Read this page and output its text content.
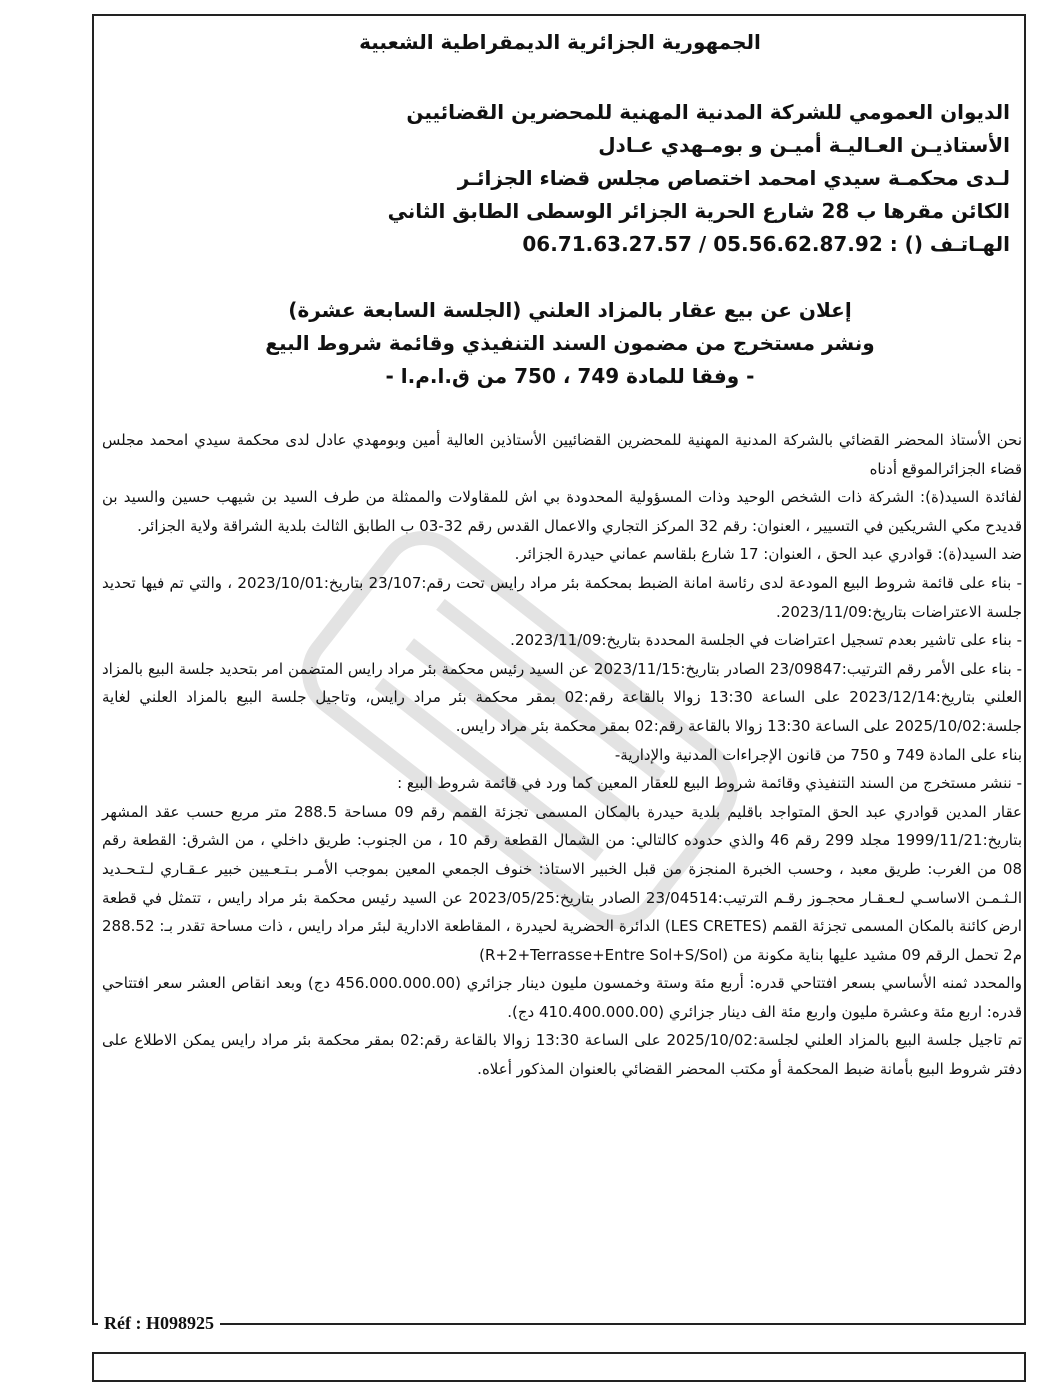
الجمهورية الجزائرية الديمقراطية الشعبية
الديوان العمومي للشركة المدنية المهنية للمحضرين القضائيين
الأستاذيـن العـاليـة أميـن و بومـهدي عـادل
لـدى محكمـة سيدي امحمد اختصاص مجلس قضاء الجزائـر
الكائن مقرها ب 28 شارع الحرية الجزائر الوسطى الطابق الثاني
الهـاتـف () : 05.56.62.87.92 / 06.71.63.27.57
إعلان عن بيع عقار بالمزاد العلني (الجلسة السابعة عشرة)
ونشر مستخرج من مضمون السند التنفيذي وقائمة شروط البيع
- وفقا للمادة 749 ، 750 من ق.ا.م.ا -

نحن الأستاذ المحضر القضائي بالشركة المدنية المهنية للمحضرين القضائيين الأستاذين العالية أمين وبومهدي عادل لدى محكمة سيدي امحمد مجلس قضاء الجزائرالموقع أدناه

لفائدة السيد(ة): الشركة ذات الشخص الوحيد وذات المسؤولية المحدودة بي اش للمقاولات والممثلة من طرف السيد بن شيهب حسين والسيد بن قديدح مكي الشريكين في التسيير ، العنوان: رقم 32 المركز التجاري والاعمال القدس رقم 32-03 ب الطابق الثالث بلدية الشراقة ولاية الجزائر.

ضد السيد(ة): قوادري عبد الحق ، العنوان: 17 شارع بلقاسم عماني حيدرة الجزائر.

- بناء على قائمة شروط البيع المودعة لدى رئاسة امانة الضبط بمحكمة بئر مراد رايس تحت رقم:23/107 بتاريخ:2023/10/01 ، والتي تم فيها تحديد جلسة الاعتراضات بتاريخ:2023/11/09.

- بناء على تاشير بعدم تسجيل اعتراضات في الجلسة المحددة بتاريخ:2023/11/09.

- بناء على الأمر رقم الترتيب:23/09847 الصادر بتاريخ:2023/11/15 عن السيد رئيس محكمة بئر مراد رايس المتضمن امر بتحديد جلسة البيع بالمزاد العلني بتاريخ:2023/12/14 على الساعة 13:30 زوالا بالقاعة رقم:02 بمقر محكمة بئر مراد رايس، وتاجيل جلسة البيع بالمزاد العلني لغاية جلسة:2025/10/02 على الساعة 13:30 زوالا بالقاعة رقم:02 بمقر محكمة بئر مراد رايس.

بناء على المادة 749 و 750 من قانون الإجراءات المدنية والإدارية-

- ننشر مستخرج من السند التنفيذي وقائمة شروط البيع للعقار المعين كما ورد في قائمة شروط البيع :

عقار المدين قوادري عبد الحق المتواجد باقليم بلدية حيدرة بالمكان المسمى تجزئة القمم رقم 09 مساحة 288.5 متر مربع حسب عقد المشهر بتاريخ:1999/11/21 مجلد 299 رقم 46 والذي حدوده كالتالي: من الشمال القطعة رقم 10 ، من الجنوب: طريق داخلي ، من الشرق: القطعة رقم 08 من الغرب: طريق معبد ، وحسب الخبرة المنجزة من قبل الخبير الاستاذ: خنوف الجمعي المعين بموجب الأمـر بـتـعـيين خبير عـقـاري لـتـحـديد الـثـمـن الاساسـي لـعـقـار محجـوز رقـم الترتيب:23/04514 الصادر بتاريخ:2023/05/25 عن السيد رئيس محكمة بئر مراد رايس ، تتمثل في قطعة ارض كائنة بالمكان المسمى تجزئة القمم (LES CRETES) الدائرة الحضرية لحيدرة ، المقاطعة الادارية لبئر مراد رايس ، ذات مساحة تقدر بـ: 288.52 م2 تحمل الرقم 09 مشيد عليها بناية مكونة من (R+2+Terrasse+Entre Sol+S/Sol)

والمحدد ثمنه الأساسي بسعر افتتاحي قدره: أربع مئة وستة وخمسون مليون دينار جزائري (456.000.000.00 دج) وبعد انقاص العشر سعر افتتاحي قدره: اربع مئة وعشرة مليون واربع مئة الف دينار جزائري (410.400.000.00 دج).

تم تاجيل جلسة البيع بالمزاد العلني لجلسة:2025/10/02 على الساعة 13:30 زوالا بالقاعة رقم:02 بمقر محكمة بئر مراد رايس يمكن الاطلاع على دفتر شروط البيع بأمانة ضبط المحكمة أو مكتب المحضر القضائي بالعنوان المذكور أعلاه.

Réf : H098925
